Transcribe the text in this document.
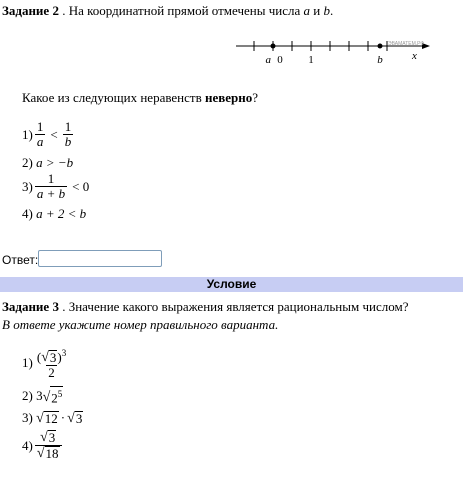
Задание 2 . На координатной прямой отмечены числа a и b.
ЭВАМАТЕМ.РФ
a 0 1	b	x
Какое из следующих неравенств неверно?
$1) \frac{1}{a} < \frac{1}{b}$
2)
a > −b
$3) \frac{1}{a + b} < 0$
4)
a + 2 < b
Ответ:
Условие
Задание 3 . Значение какого выражения является рациональным числом?
В ответе укажите номер правильного варианта.
$1) \frac{( √ 3 )^3}{2}$
2)
3 √ $2^5$
3)
√ 12 · √ 3
$4) \frac{√ 3}{√ 18}$
